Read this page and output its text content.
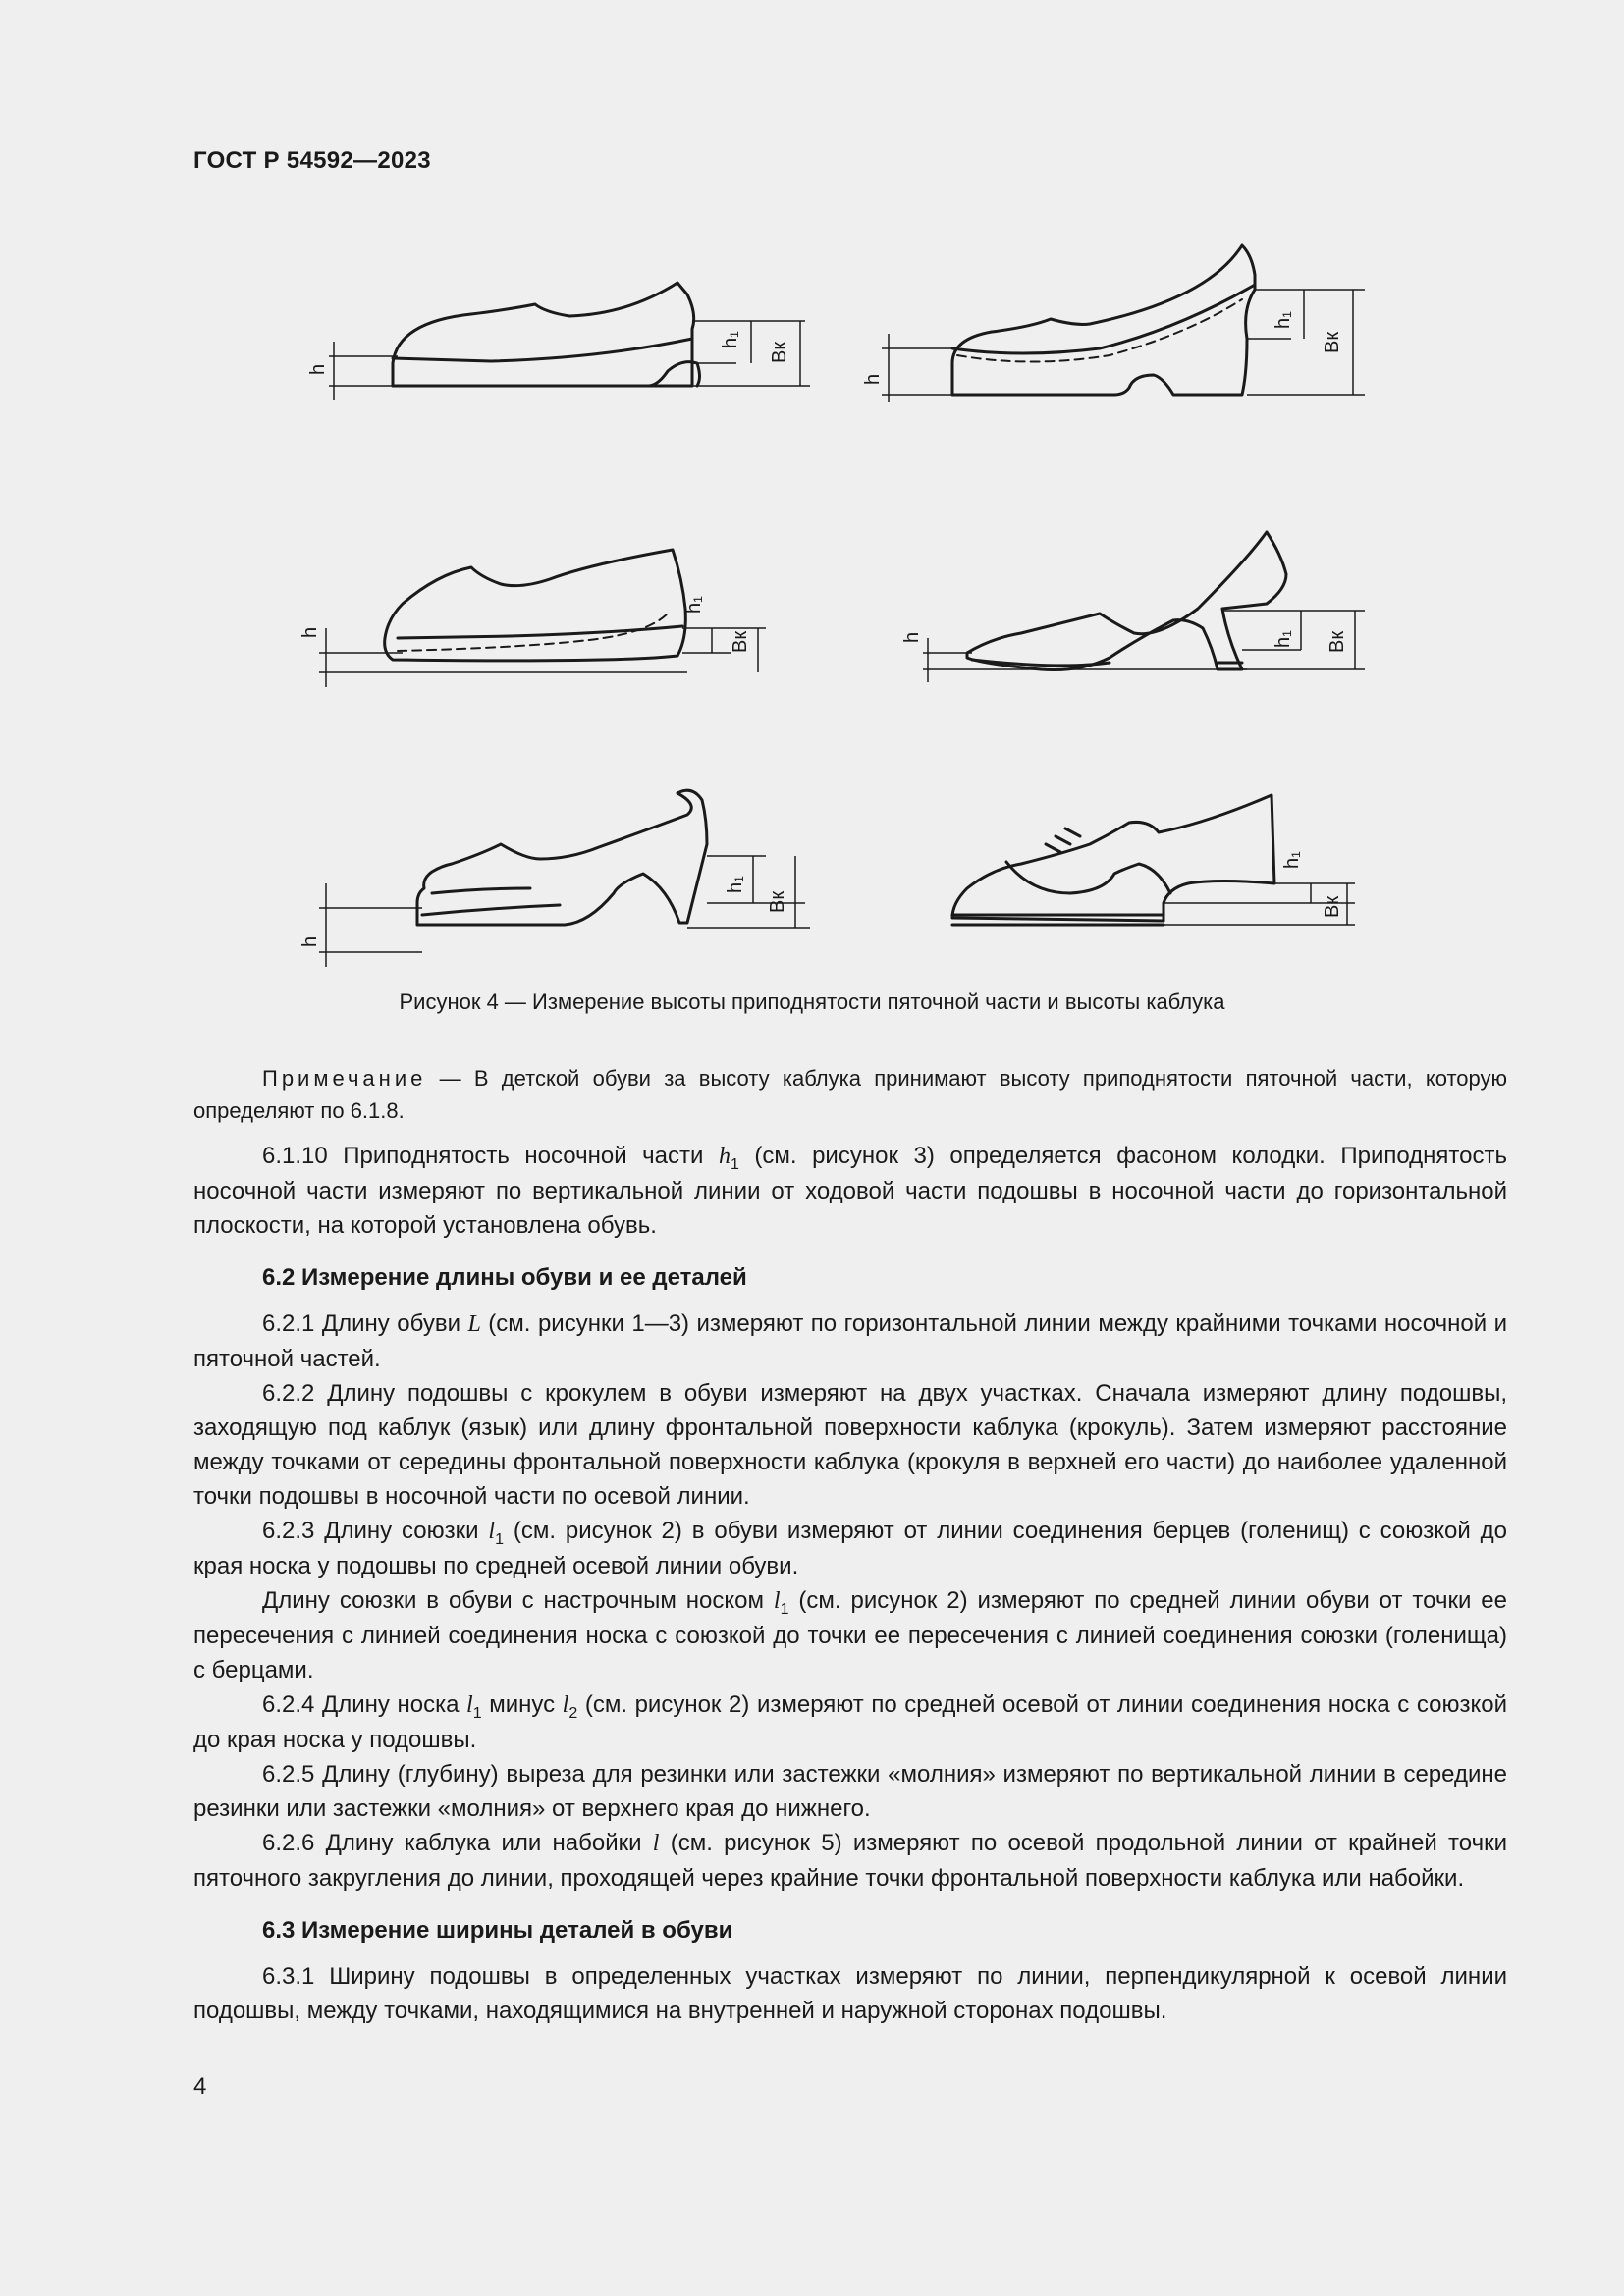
ГОСТ Р 54592—2023
h
h₁
Bк
h
h₁
Bк
h
h₁
Bк	h	h₁ Bк
h
h₁
Bк
h₁
Bк
Рисунок 4 — Измерение высоты приподнятости пяточной части и высоты каблука

Примечание — В детской обуви за высоту каблука принимают высоту приподнятости пяточной части, которую определяют по 6.1.8.

6.1.10 Приподнятость носочной части $h_1$ (см. рисунок 3) определяется фасоном колодки. Приподнятость носочной части измеряют по вертикальной линии от ходовой части подошвы в носочной части до горизонтальной плоскости, на которой установлена обувь.

6.2 Измерение длины обуви и ее деталей

6.2.1 Длину обуви L (см. рисунки 1—3) измеряют по горизонтальной линии между крайними точками носочной и пяточной частей.

6.2.2 Длину подошвы с крокулем в обуви измеряют на двух участках. Сначала измеряют длину подошвы, заходящую под каблук (язык) или длину фронтальной поверхности каблука (крокуль). Затем измеряют расстояние между точками от середины фронтальной поверхности каблука (крокуля в верхней его части) до наиболее удаленной точки подошвы в носочной части по осевой линии.

6.2.3 Длину союзки $l_1$ (см. рисунок 2) в обуви измеряют от линии соединения берцев (голенищ) с союзкой до края носка у подошвы по средней осевой линии обуви.

Длину союзки в обуви с настрочным носком $l_1$ (см. рисунок 2) измеряют по средней линии обуви от точки ее пересечения с линией соединения носка с союзкой до точки ее пересечения с линией соединения союзки (голенища) с берцами.

6.2.4 Длину носка $l_1$ минус $l_2$ (см. рисунок 2) измеряют по средней осевой от линии соединения носка с союзкой до края носка у подошвы.

6.2.5 Длину (глубину) выреза для резинки или застежки «молния» измеряют по вертикальной линии в середине резинки или застежки «молния» от верхнего края до нижнего.

6.2.6 Длину каблука или набойки l (см. рисунок 5) измеряют по осевой продольной линии от крайней точки пяточного закругления до линии, проходящей через крайние точки фронтальной поверхности каблука или набойки.

6.3 Измерение ширины деталей в обуви

6.3.1 Ширину подошвы в определенных участках измеряют по линии, перпендикулярной к осевой линии подошвы, между точками, находящимися на внутренней и наружной сторонах подошвы.

4
